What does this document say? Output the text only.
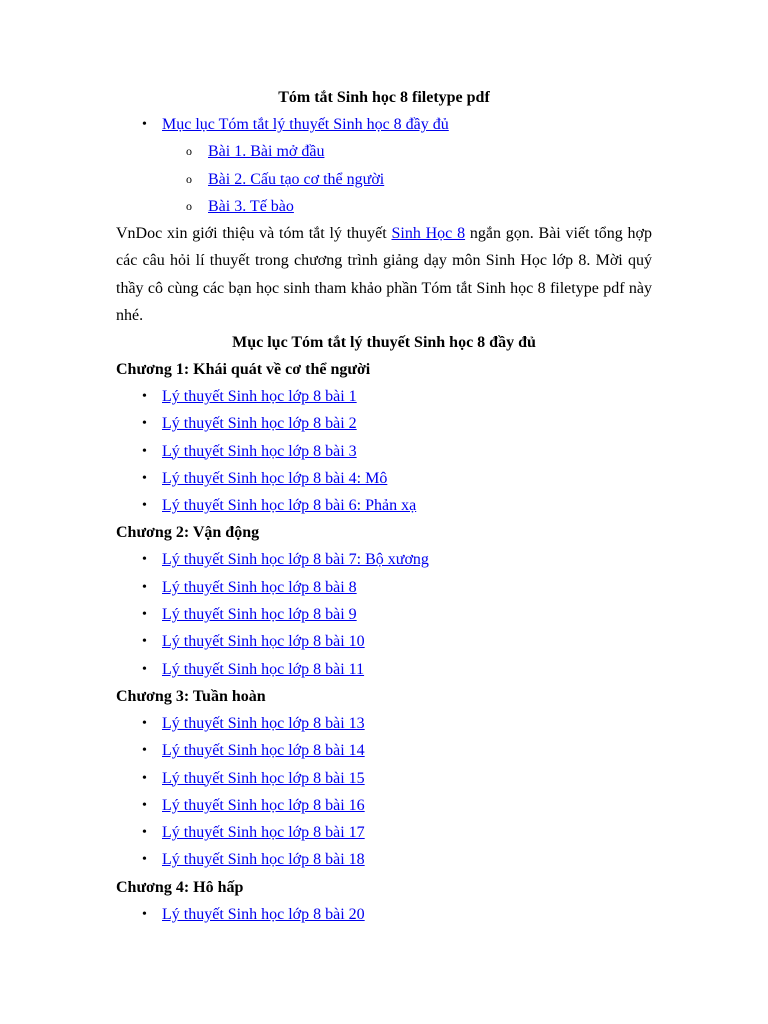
Tóm tắt Sinh học 8 filetype pdf
• Mục lục Tóm tắt lý thuyết Sinh học 8 đầy đủ
o Bài 1. Bài mở đầu
o Bài 2. Cấu tạo cơ thể người
o Bài 3. Tế bào

VnDoc xin giới thiệu và tóm tắt lý thuyết Sinh Học 8 ngắn gọn. Bài viết tổng hợp các câu hỏi lí thuyết trong chương trình giảng dạy môn Sinh Học lớp 8. Mời quý thầy cô cùng các bạn học sinh tham khảo phần Tóm tắt Sinh học 8 filetype pdf này nhé.

Mục lục Tóm tắt lý thuyết Sinh học 8 đầy đủ
Chương 1: Khái quát về cơ thể người
• Lý thuyết Sinh học lớp 8 bài 1
• Lý thuyết Sinh học lớp 8 bài 2
• Lý thuyết Sinh học lớp 8 bài 3
• Lý thuyết Sinh học lớp 8 bài 4: Mô
• Lý thuyết Sinh học lớp 8 bài 6: Phản xạ
Chương 2: Vận động
• Lý thuyết Sinh học lớp 8 bài 7: Bộ xương
• Lý thuyết Sinh học lớp 8 bài 8
• Lý thuyết Sinh học lớp 8 bài 9
• Lý thuyết Sinh học lớp 8 bài 10
• Lý thuyết Sinh học lớp 8 bài 11
Chương 3: Tuần hoàn
• Lý thuyết Sinh học lớp 8 bài 13
• Lý thuyết Sinh học lớp 8 bài 14
• Lý thuyết Sinh học lớp 8 bài 15
• Lý thuyết Sinh học lớp 8 bài 16
• Lý thuyết Sinh học lớp 8 bài 17
• Lý thuyết Sinh học lớp 8 bài 18
Chương 4: Hô hấp
• Lý thuyết Sinh học lớp 8 bài 20
